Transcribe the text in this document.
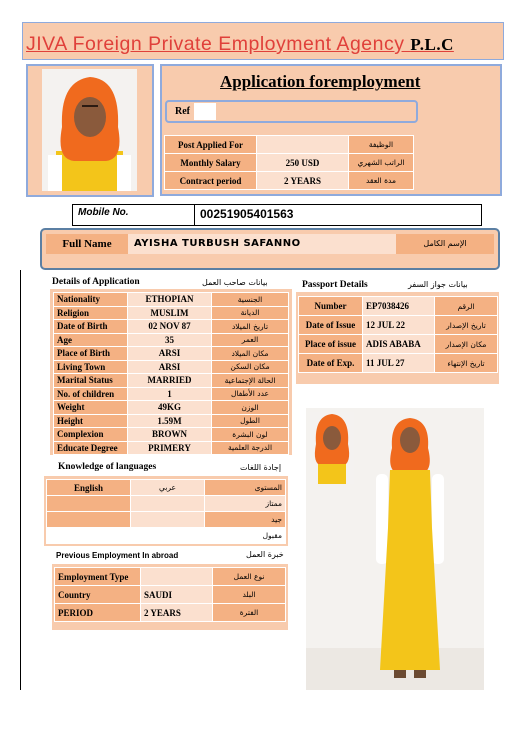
JIVA Foreign Private Employment Agency P.L.C
Application foremployment
Ref
Post Applied For		الوظيفة
Monthly Salary	250 USD	الراتب الشهري
Contract period	2 YEARS	مدة العقد
Mobile No.	00251905401563
Full Name	AYISHA TURBUSH SAFANNO	الإسم الكامل
Details of Application	بيانات صاحب العمل
Nationality	ETHOPIAN	الجنسية
Religion	MUSLIM	الديانة
Date of Birth	02 NOV 87	تاريخ الميلاد
Age	35	العمر
Place of Birth	ARSI	مكان الميلاد
Living Town	ARSI	مكان السكن
Marital Status	MARRIED	الحالة الإجتماعية
No. of children	1	عدد الأطفال
Weight	49KG	الوزن
Height	1.59M	الطول
Complexion	BROWN	لون البشرة
Educate Degree	PRIMERY	الدرجة العلمية
Passport Details	بيانات جواز السفر
Number	EP7038426	الرقم
Date of Issue	12 JUL 22	تاريخ الإصدار
Place of issue	ADIS ABABA	مكان الإصدار
Date of Exp.	11 JUL 27	تاريخ الإنتهاء
Knowledge of languages	إجادة اللغات
English	عربي	المستوى
		ممتاز
		جيد
		مقبول
Previous Employment In abroad	خبرة العمل
Employment Type		نوع العمل
Country	SAUDI	البلد
PERIOD	2 YEARS	الفترة
